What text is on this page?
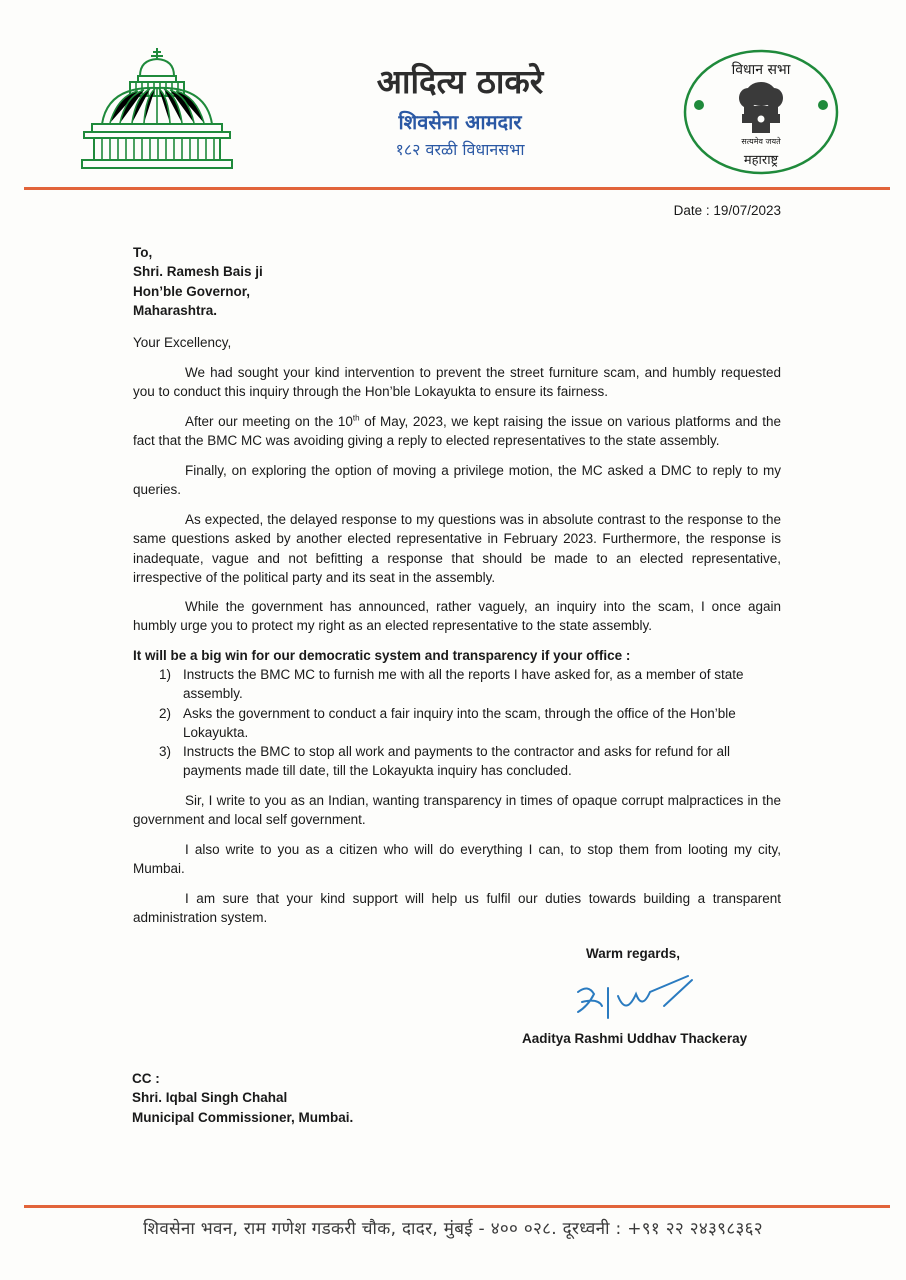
आदित्य ठाकरे
शिवसेना आमदार
१८२ वरळी विधानसभा
विधान सभा
सत्यमेव जयते
महाराष्ट्र
Date : 19/07/2023
To,
Shri. Ramesh Bais ji
Hon’ble Governor,
Maharashtra.
Your Excellency,

We had sought your kind intervention to prevent the street furniture scam, and humbly requested you to conduct this inquiry through the Hon’ble Lokayukta to ensure its fairness.

After our meeting on the 10th of May, 2023, we kept raising the issue on various platforms and the fact that the BMC MC was avoiding giving a reply to elected representatives to the state assembly.

Finally, on exploring the option of moving a privilege motion, the MC asked a DMC to reply to my queries.

As expected, the delayed response to my questions was in absolute contrast to the response to the same questions asked by another elected representative in February 2023. Furthermore, the response is inadequate, vague and not befitting a response that should be made to an elected representative, irrespective of the political party and its seat in the assembly.

While the government has announced, rather vaguely, an inquiry into the scam, I once again humbly urge you to protect my right as an elected representative to the state assembly.

It will be a big win for our democratic system and transparency if your office :
1) Instructs the BMC MC to furnish me with all the reports I have asked for, as a member of state assembly.
2) Asks the government to conduct a fair inquiry into the scam, through the office of the Hon’ble Lokayukta.
3) Instructs the BMC to stop all work and payments to the contractor and asks for refund for all payments made till date, till the Lokayukta inquiry has concluded.

Sir, I write to you as an Indian, wanting transparency in times of opaque corrupt malpractices in the government and local self government.

I also write to you as a citizen who will do everything I can, to stop them from looting my city, Mumbai.

I am sure that your kind support will help us fulfil our duties towards building a transparent administration system.

Warm regards,
Aaditya Rashmi Uddhav Thackeray
CC :
Shri. Iqbal Singh Chahal
Municipal Commissioner, Mumbai.
शिवसेना भवन, राम गणेश गडकरी चौक, दादर, मुंबई - ४०० ०२८. दूरध्वनी : +९१ २२ २४३९८३६२
